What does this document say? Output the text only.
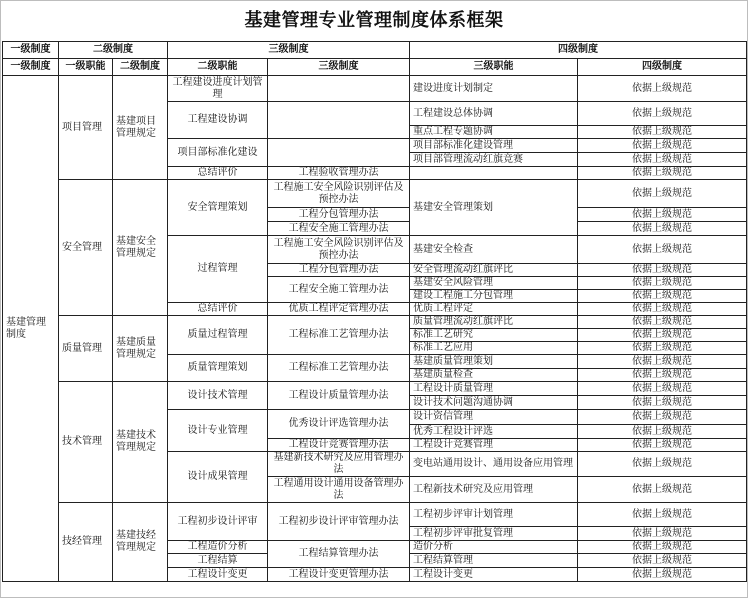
基建管理专业管理制度体系框架
一级制度	二级制度		三级制度		四级制度	
一级制度	一级职能	二级制度	二级职能	三级制度	三级职能	四级制度
基建管理制度	项目管理	基建项目管理规定	工程建设进度计划管理		建设进度计划制定	依据上级规范
			工程建设协调		工程建设总体协调	依据上级规范
					重点工程专题协调	依据上级规范
			项目部标准化建设		项目部标准化建设管理	依据上级规范
					项目部管理流动红旗竞赛	依据上级规范
			总结评价	工程验收管理办法		依据上级规范
	安全管理	基建安全管理规定	安全管理策划	工程施工安全风险识别评估及预控办法	基建安全管理策划	依据上级规范
				工程分包管理办法		依据上级规范
				工程安全施工管理办法		依据上级规范
			过程管理	工程施工安全风险识别评估及预控办法	基建安全检查	依据上级规范
				工程分包管理办法	安全管理流动红旗评比	依据上级规范
				工程安全施工管理办法	基建安全风险管理	依据上级规范
					建设工程施工分包管理	依据上级规范
			总结评价	优质工程评定管理办法	优质工程评定	依据上级规范
	质量管理	基建质量管理规定	质量过程管理	工程标准工艺管理办法	质量管理流动红旗评比	依据上级规范
					标准工艺研究	依据上级规范
					标准工艺应用	依据上级规范
			质量管理策划	工程标准工艺管理办法	基建质量管理策划	依据上级规范
					基建质量检查	依据上级规范
	技术管理	基建技术管理规定	设计技术管理	工程设计质量管理办法	工程设计质量管理	依据上级规范
					设计技术问题沟通协调	依据上级规范
			设计专业管理	优秀设计评选管理办法	设计资信管理	依据上级规范
					优秀工程设计评选	依据上级规范
				工程设计竞赛管理办法	工程设计竞赛管理	依据上级规范
			设计成果管理	基建新技术研究及应用管理办法	变电站通用设计、通用设备应用管理	依据上级规范
				工程通用设计通用设备管理办法	工程新技术研究及应用管理	依据上级规范
	技经管理	基建技经管理规定	工程初步设计评审	工程初步设计评审管理办法	工程初步评审计划管理	依据上级规范
					工程初步评审批复管理	依据上级规范
			工程造价分析	工程结算管理办法	造价分析	依据上级规范
			工程结算		工程结算管理	依据上级规范
			工程设计变更	工程设计变更管理办法	工程设计变更	依据上级规范
